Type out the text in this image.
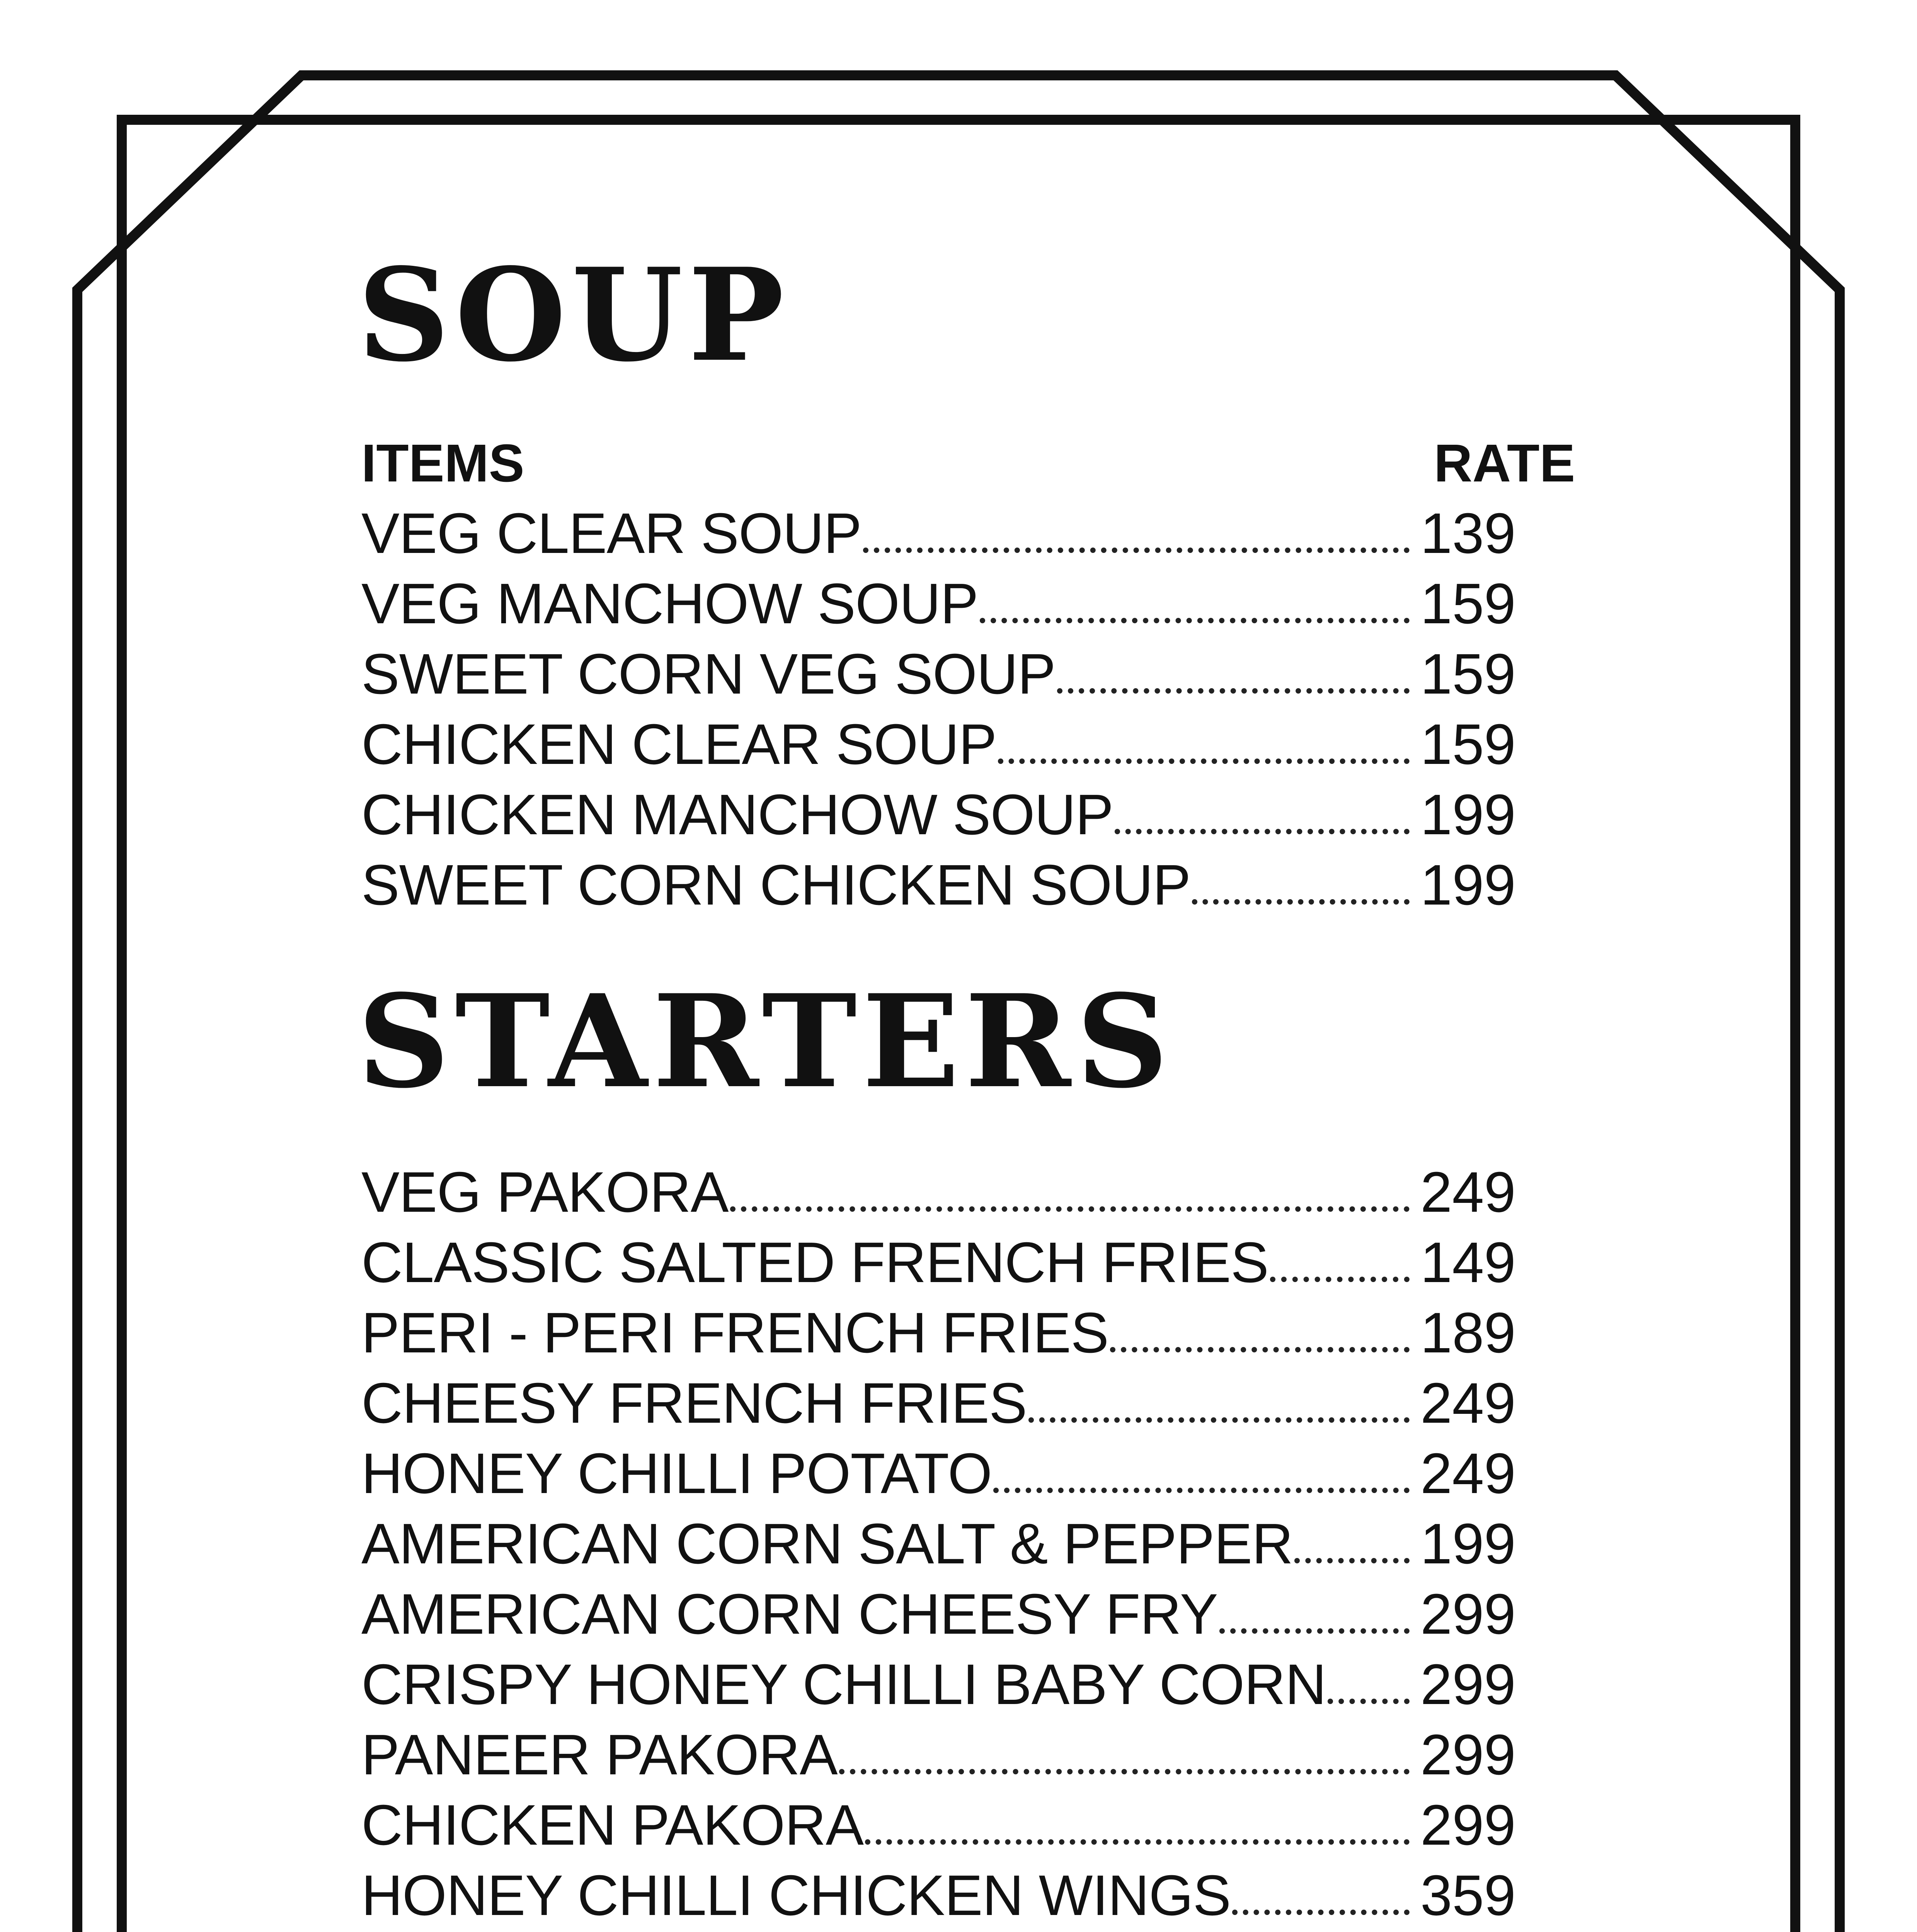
SOUP
ITEMS	RATE
VEG CLEAR SOUP	139
VEG MANCHOW SOUP	159
SWEET CORN VEG SOUP	159
CHICKEN CLEAR SOUP	159
CHICKEN MANCHOW SOUP	199
SWEET CORN CHICKEN SOUP	199
STARTERS
VEG PAKORA	249
CLASSIC SALTED FRENCH FRIES	149
PERI - PERI FRENCH FRIES	189
CHEESY FRENCH FRIES	249
HONEY CHILLI POTATO	249
AMERICAN CORN SALT & PEPPER 199
AMERICAN CORN CHEESY FRY	299
CRISPY HONEY CHILLI BABY CORN 299
PANEER PAKORA	299
CHICKEN PAKORA	299
HONEY CHILLI CHICKEN WINGS	359
